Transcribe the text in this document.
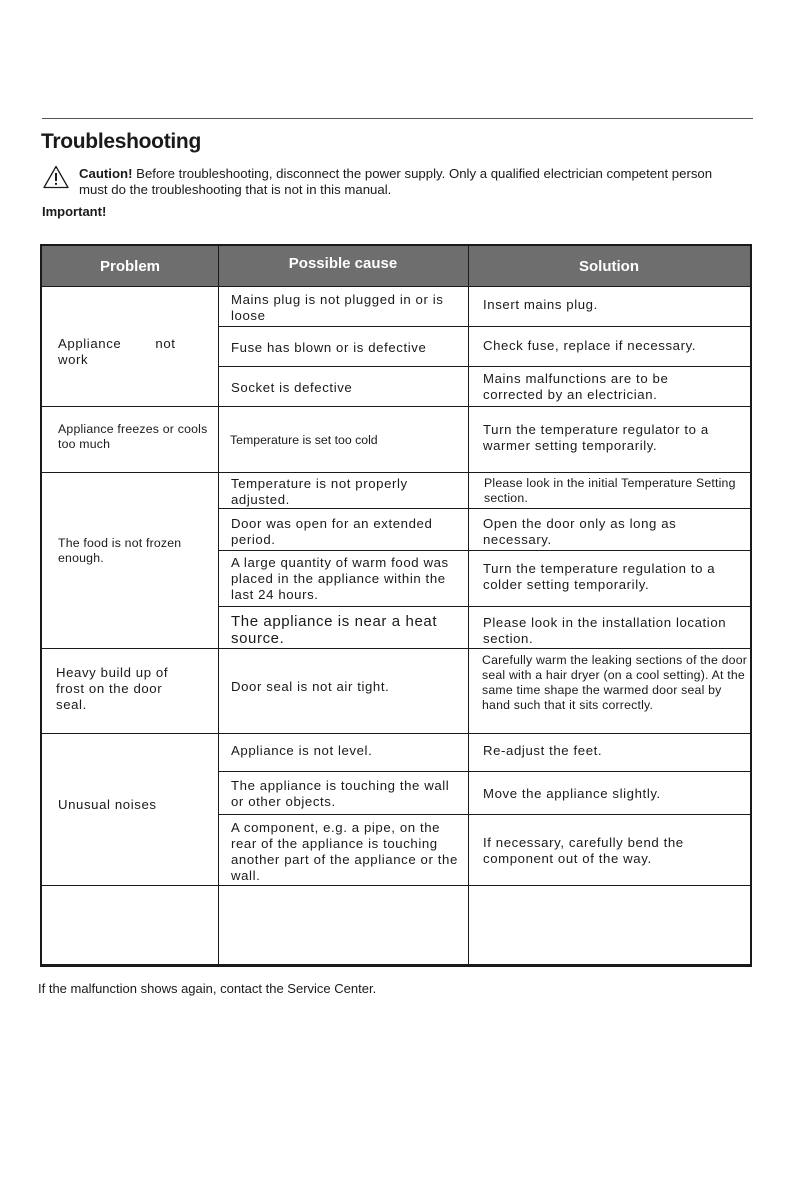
Troubleshooting
Caution! Before troubleshooting, disconnect the power supply. Only a qualified electrician competent person must do the troubleshooting that is not in this manual.
Important!
Problem	Possible cause	Solution
Appliance        not work
Appliance freezes or cools too much
The food is not frozen enough.
Heavy build up of frost on the door seal.
Unusual noises
Mains plug is not plugged in or is loose
Fuse has blown or is defective
Socket is defective
Temperature is set too cold
Temperature is not properly adjusted.
Door was open for an extended period.
A large quantity of warm food was placed in the appliance within the last 24 hours.
The appliance is near a heat source.
Door seal is not air tight.
Appliance is not level.
The appliance is touching the wall or other objects.
A component, e.g. a pipe, on the rear of the appliance is touching another part of the appliance or the wall.
Insert mains plug.
Check fuse, replace if necessary.
Mains malfunctions are to be corrected by an electrician.
Turn the temperature regulator to a warmer setting temporarily.
Please look in the initial Temperature Setting section.
Open the door only as long as necessary.
Turn the temperature regulation to a colder setting temporarily.
Please look in the installation location section.
Carefully warm the leaking sections of the door seal with a hair dryer (on a cool setting). At the same time shape the warmed door seal by hand such that it sits correctly.
Re-adjust the feet.
Move the appliance slightly.
If necessary, carefully bend the component out of the way.
If the malfunction shows again, contact the Service Center.
